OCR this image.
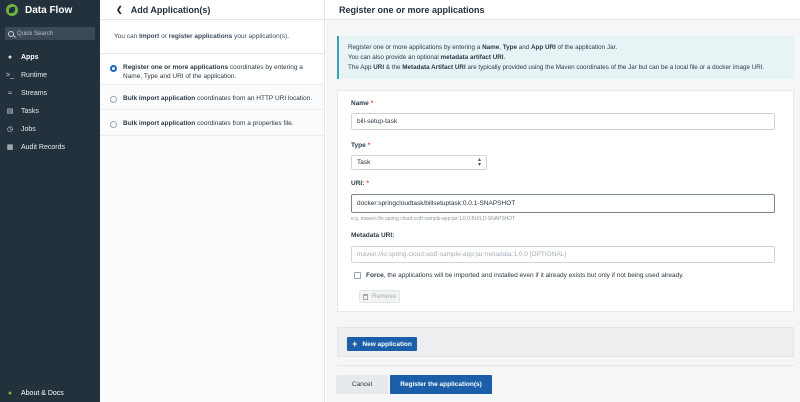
Data Flow
Quick Search
●	Apps
>_ Runtime
≈	Streams
▤ Tasks
◷ Jobs
▦ Audit Records
●	About & Docs
❮ Add Application(s)
You can Import or register applications your application(s).
Register one or more applications coordinates by entering a Name, Type and URI of the application.
Bulk import application coordinates from an HTTP URI location.
Bulk import application coordinates from a properties file.
Register one or more applications
Register one or more applications by entering a Name, Type and App URI of the application Jar.
You can also provide an optional metadata artifact URI.
The App URI & the Metadata Artifact URI are typically provided using the Maven coordinates of the Jar but can be a local file or a docker image URI.
Name *
bill-setup-task
Type *
Task	▴
▾
URI: *
docker:springcloudtask/billsetuptask:0.0.1-SNAPSHOT
e.g. maven://io.spring.cloud:scdf-sample-app:jar:1.0.0.BUILD-SNAPSHOT
Metadata URI:
maven://io.spring.cloud:scdf-sample-app:jar:metadata:1.0.0 [OPTIONAL]
Force, the applications will be imported and installed even if it already exists but only if not being used already.
Remove
+ New application
Cancel	Register the application(s)
